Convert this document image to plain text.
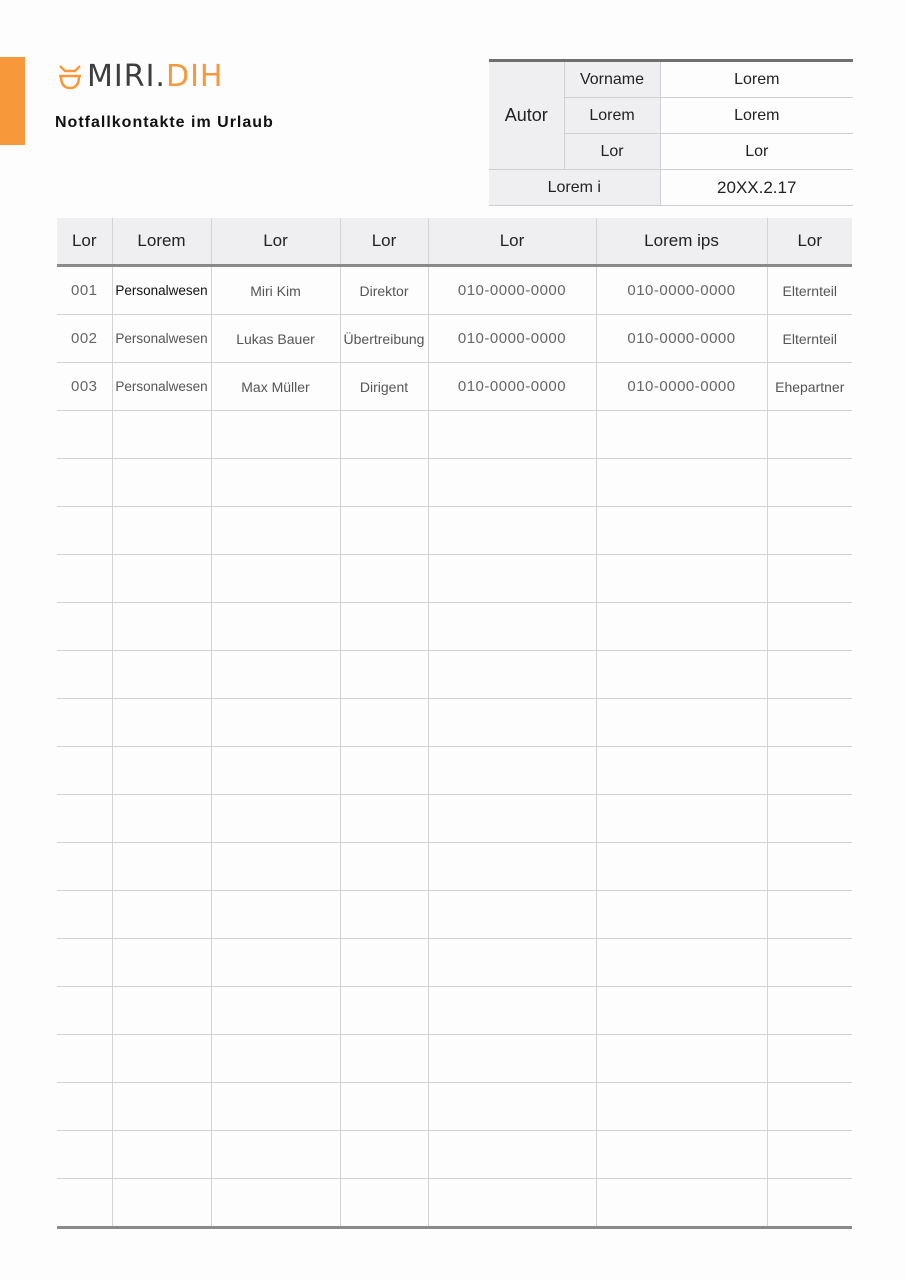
MIRI.DIH
Notfallkontakte im Urlaub	Autor	Vorname	Lorem
	Lorem	Lorem
	Lor	Lor
Lorem i		20XX.2.17
Lor	Lorem	Lor	Lor	Lor	Lorem ips	Lor
001	Personalwesen	Miri Kim	Direktor	010-0000-0000	010-0000-0000	Elternteil
002	Personalwesen	Lukas Bauer	Übertreibung	010-0000-0000	010-0000-0000	Elternteil
003	Personalwesen	Max Müller	Dirigent	010-0000-0000	010-0000-0000	Ehepartner
